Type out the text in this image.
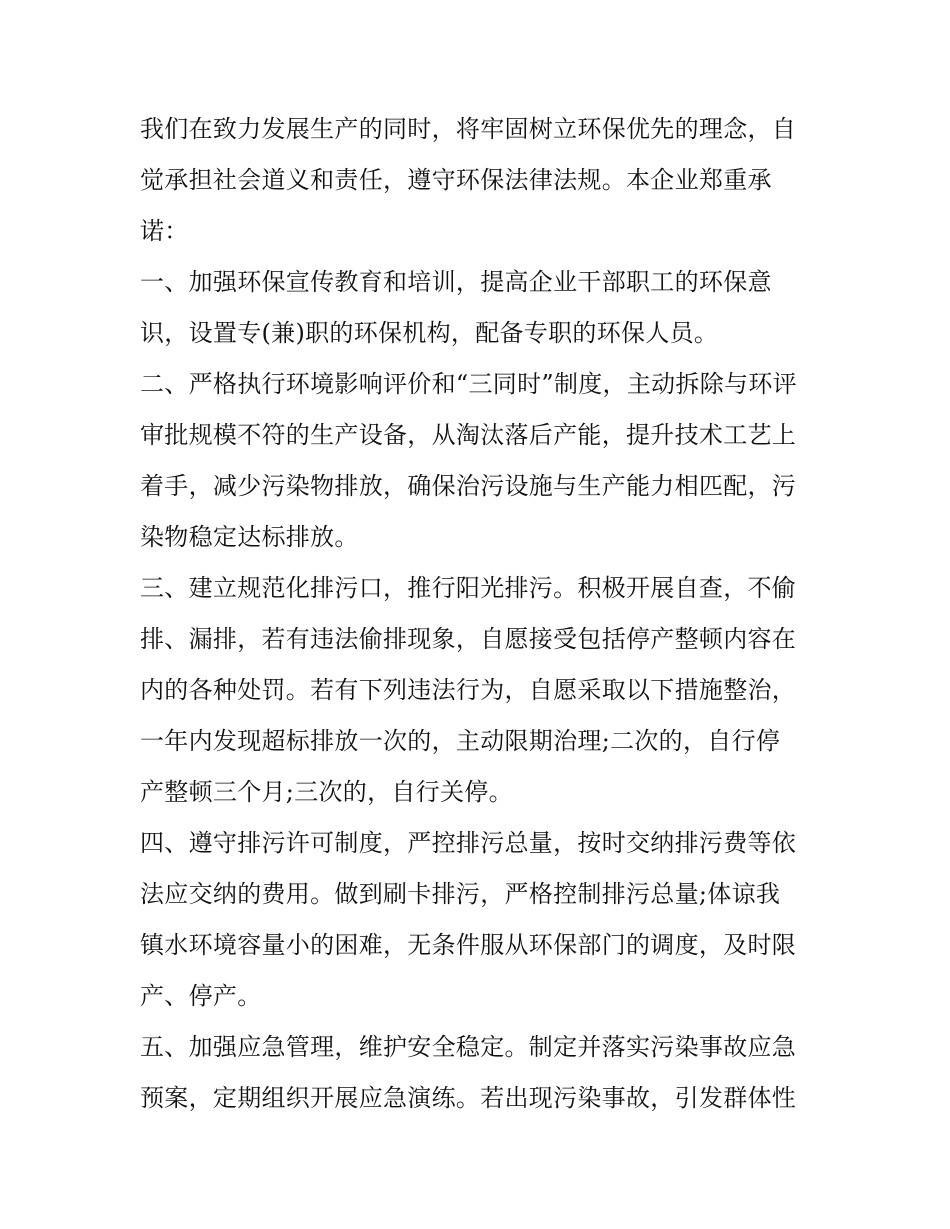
我们在致力发展生产的同时，将牢固树立环保优先的理念，自
觉承担社会道义和责任，遵守环保法律法规。本企业郑重承
诺：
一、加强环保宣传教育和培训，提高企业干部职工的环保意
识，设置专(兼)职的环保机构，配备专职的环保人员。
二、严格执行环境影响评价和“三同时”制度，主动拆除与环评
审批规模不符的生产设备，从淘汰落后产能，提升技术工艺上
着手，减少污染物排放，确保治污设施与生产能力相匹配，污
染物稳定达标排放。
三、建立规范化排污口，推行阳光排污。积极开展自查，不偷
排、漏排，若有违法偷排现象，自愿接受包括停产整顿内容在
内的各种处罚。若有下列违法行为，自愿采取以下措施整治，
一年内发现超标排放一次的，主动限期治理;二次的，自行停
产整顿三个月;三次的，自行关停。
四、遵守排污许可制度，严控排污总量，按时交纳排污费等依
法应交纳的费用。做到刷卡排污，严格控制排污总量;体谅我
镇水环境容量小的困难，无条件服从环保部门的调度，及时限
产、停产。
五、加强应急管理，维护安全稳定。制定并落实污染事故应急
预案，定期组织开展应急演练。若出现污染事故，引发群体性
